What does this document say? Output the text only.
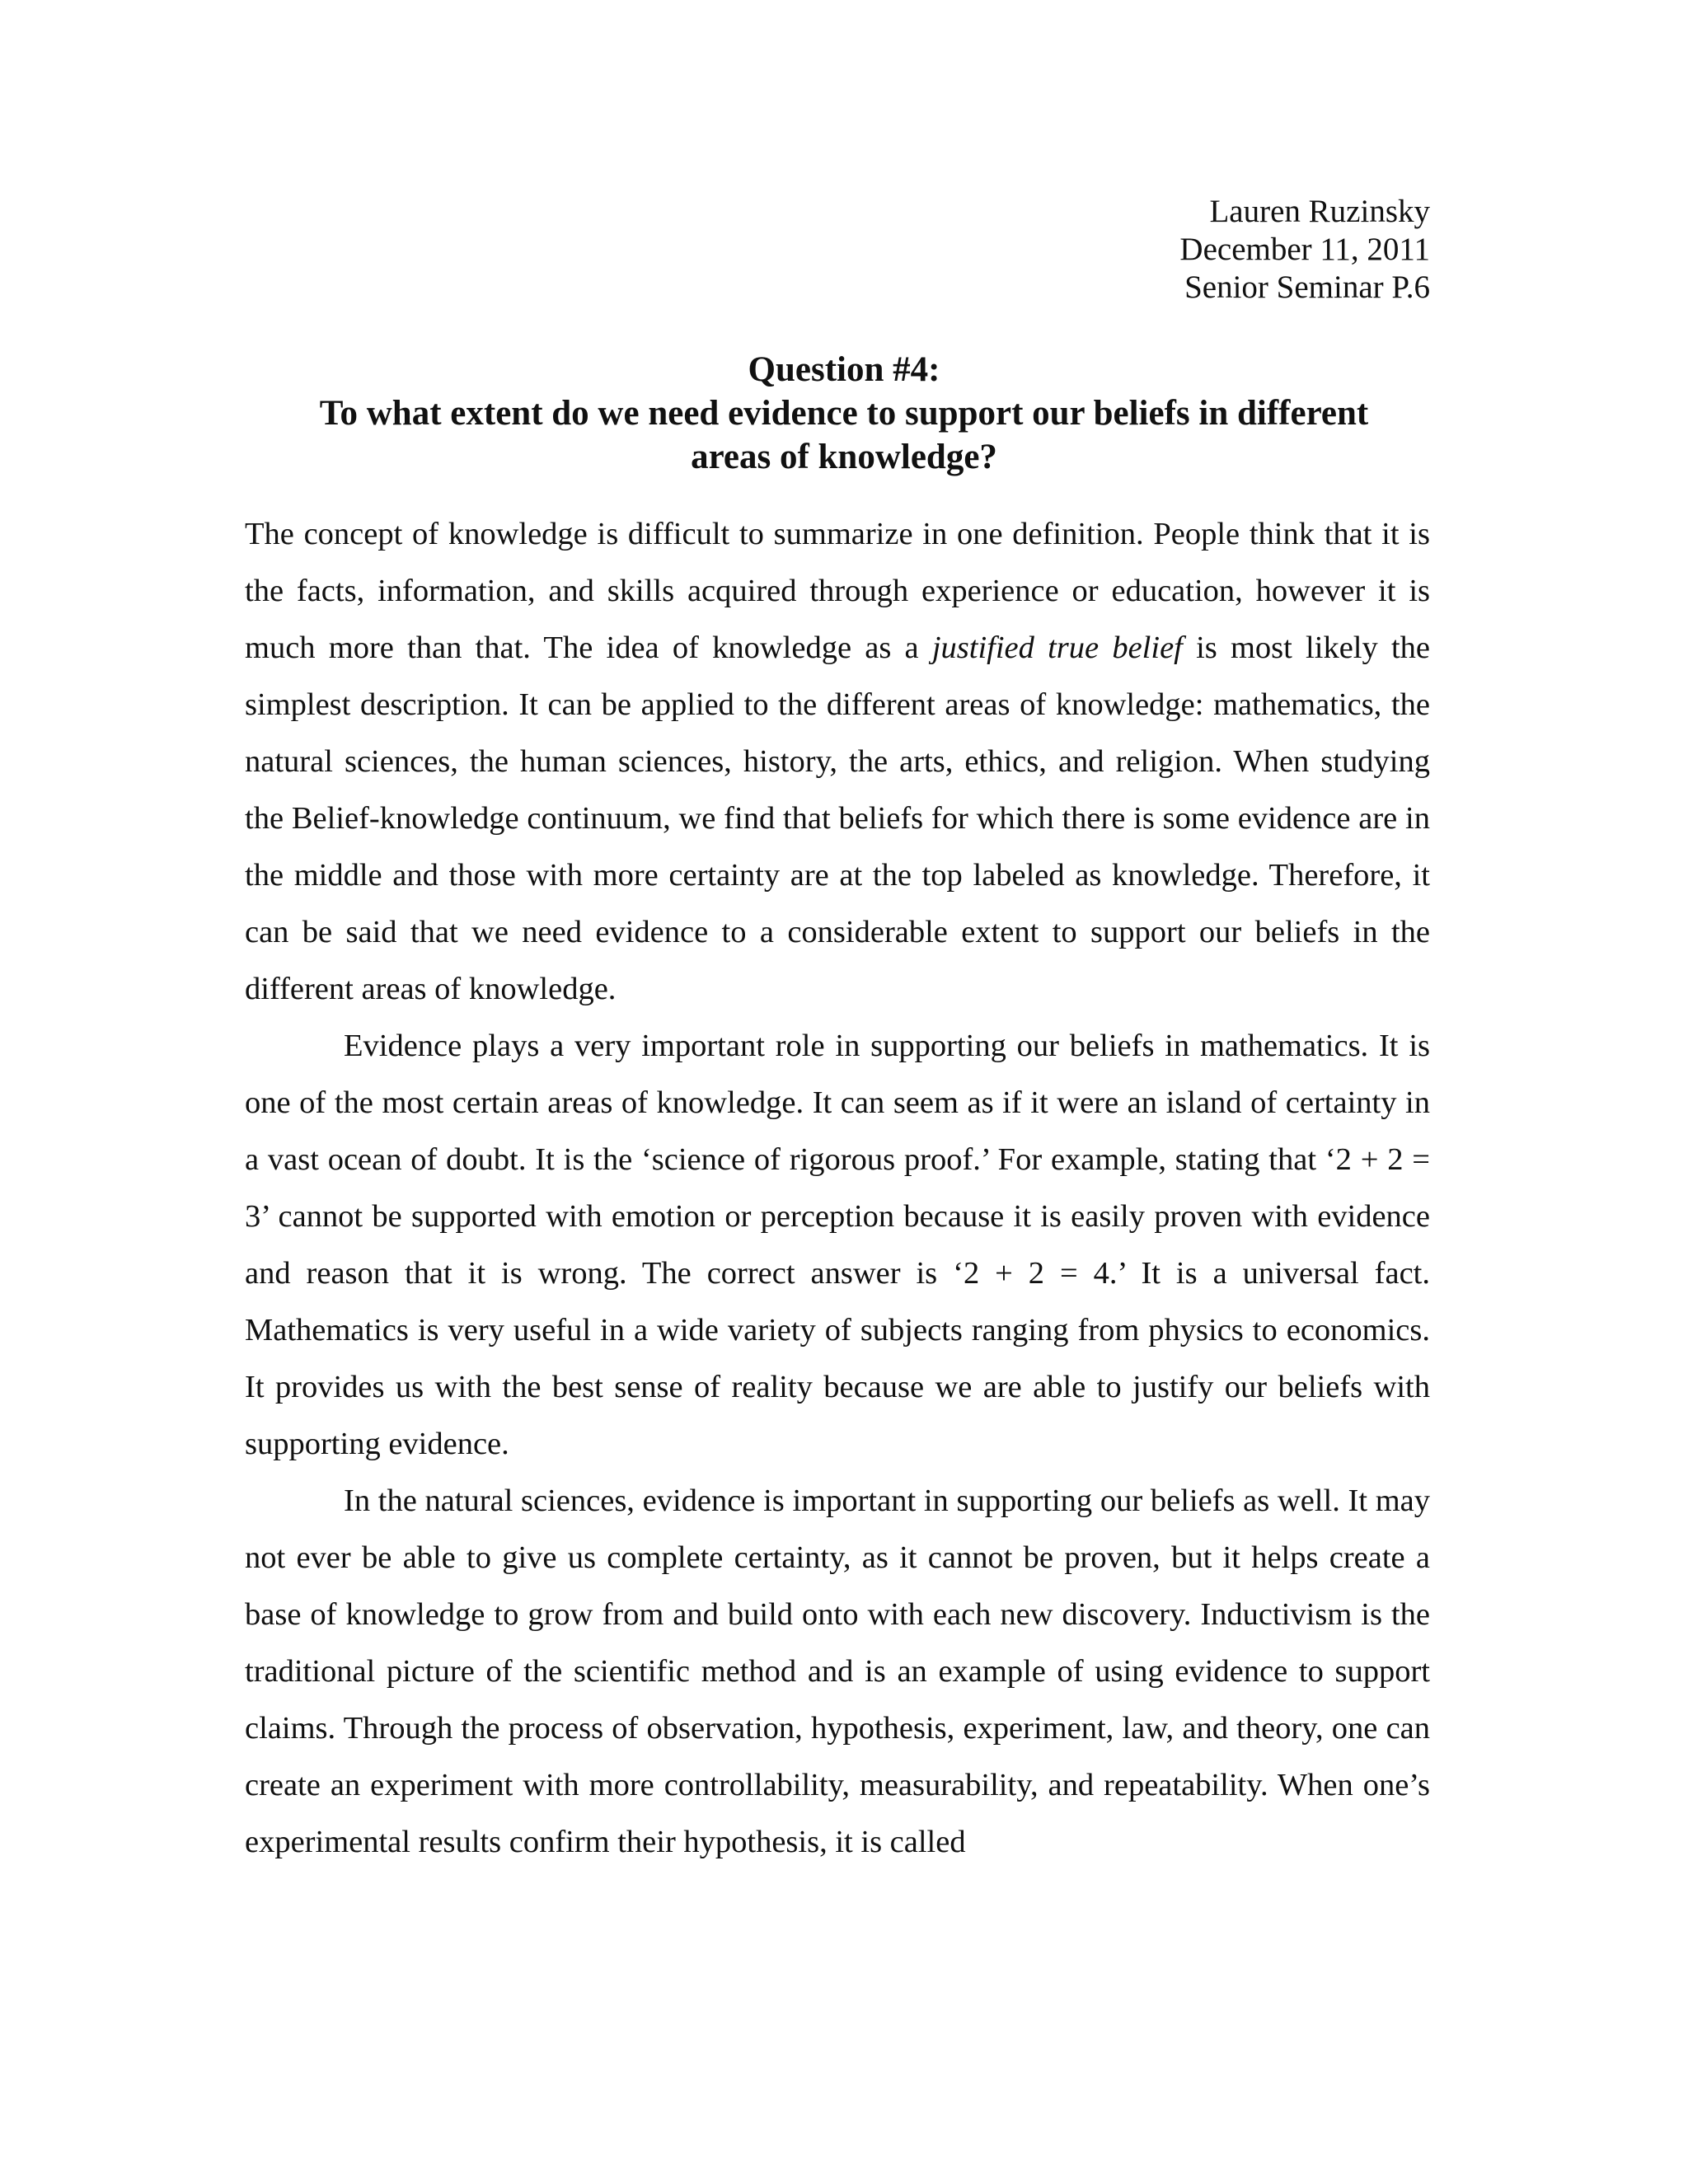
Lauren Ruzinsky
December 11, 2011
Senior Seminar P.6
Question #4:
To what extent do we need evidence to support our beliefs in different
areas of knowledge?

The concept of knowledge is difficult to summarize in one definition. People think that it is the facts, information, and skills acquired through experience or education, however it is much more than that. The idea of knowledge as a justified true belief is most likely the simplest description. It can be applied to the different areas of knowledge: mathematics, the natural sciences, the human sciences, history, the arts, ethics, and religion. When studying the Belief-knowledge continuum, we find that beliefs for which there is some evidence are in the middle and those with more certainty are at the top labeled as knowledge. Therefore, it can be said that we need evidence to a considerable extent to support our beliefs in the different areas of knowledge.

Evidence plays a very important role in supporting our beliefs in mathematics. It is one of the most certain areas of knowledge. It can seem as if it were an island of certainty in a vast ocean of doubt. It is the ‘science of rigorous proof.’ For example, stating that ‘2 + 2 = 3’ cannot be supported with emotion or perception because it is easily proven with evidence and reason that it is wrong. The correct answer is ‘2 + 2 = 4.’ It is a universal fact. Mathematics is very useful in a wide variety of subjects ranging from physics to economics. It provides us with the best sense of reality because we are able to justify our beliefs with supporting evidence.

In the natural sciences, evidence is important in supporting our beliefs as well. It may not ever be able to give us complete certainty, as it cannot be proven, but it helps create a base of knowledge to grow from and build onto with each new discovery. Inductivism is the traditional picture of the scientific method and is an example of using evidence to support claims. Through the process of observation, hypothesis, experiment, law, and theory, one can create an experiment with more controllability, measurability, and repeatability. When one’s experimental results confirm their hypothesis, it is called
